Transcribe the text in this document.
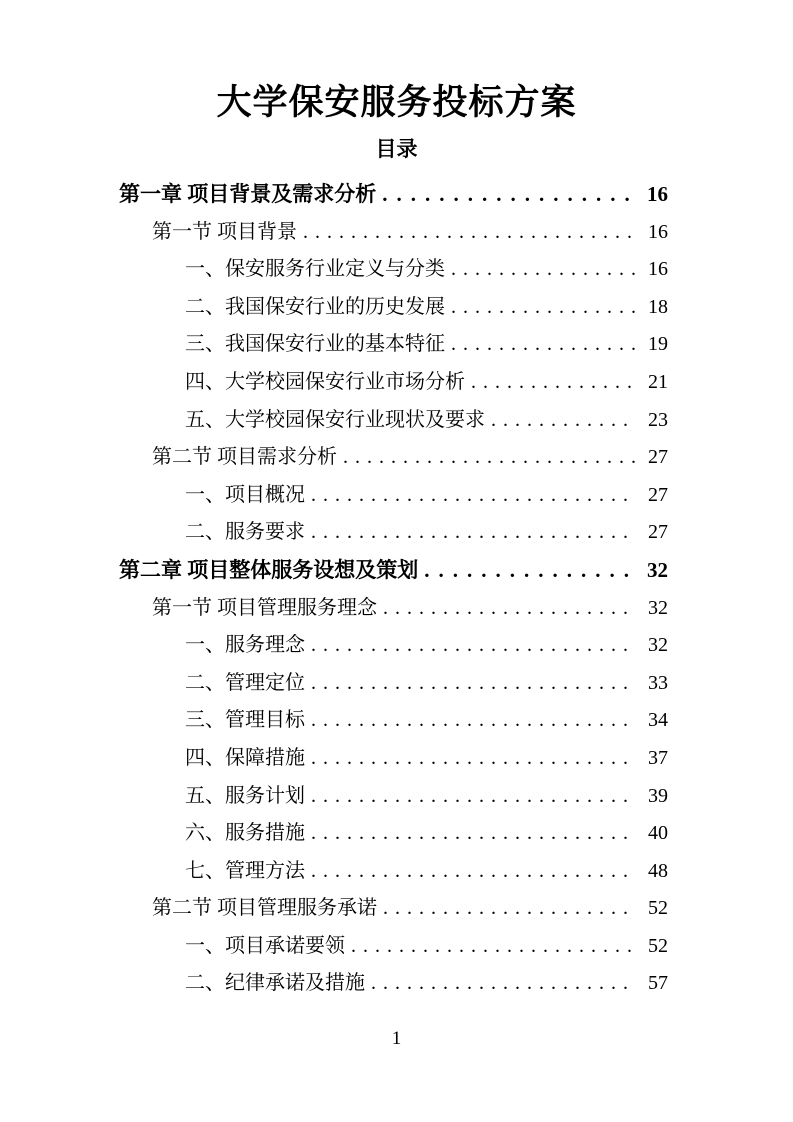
大学保安服务投标方案
目录
第一章 项目背景及需求分析 .....	16
第一节 项目背景 .....	16
一、保安服务行业定义与分类 .....	16
二、我国保安行业的历史发展 .....	18
三、我国保安行业的基本特征 .....	19
四、大学校园保安行业市场分析 .....	21
五、大学校园保安行业现状及要求 .....	23
第二节 项目需求分析 .....	27
一、项目概况 .....	27
二、服务要求 .....	27
第二章 项目整体服务设想及策划 .....	32
第一节 项目管理服务理念 .....	32
一、服务理念 .....	32
二、管理定位 .....	33
三、管理目标 .....	34
四、保障措施 .....	37
五、服务计划 .....	39
六、服务措施 .....	40
七、管理方法 .....	48
第二节 项目管理服务承诺 .....	52
一、项目承诺要领 .....	52
二、纪律承诺及措施 .....	57
1
